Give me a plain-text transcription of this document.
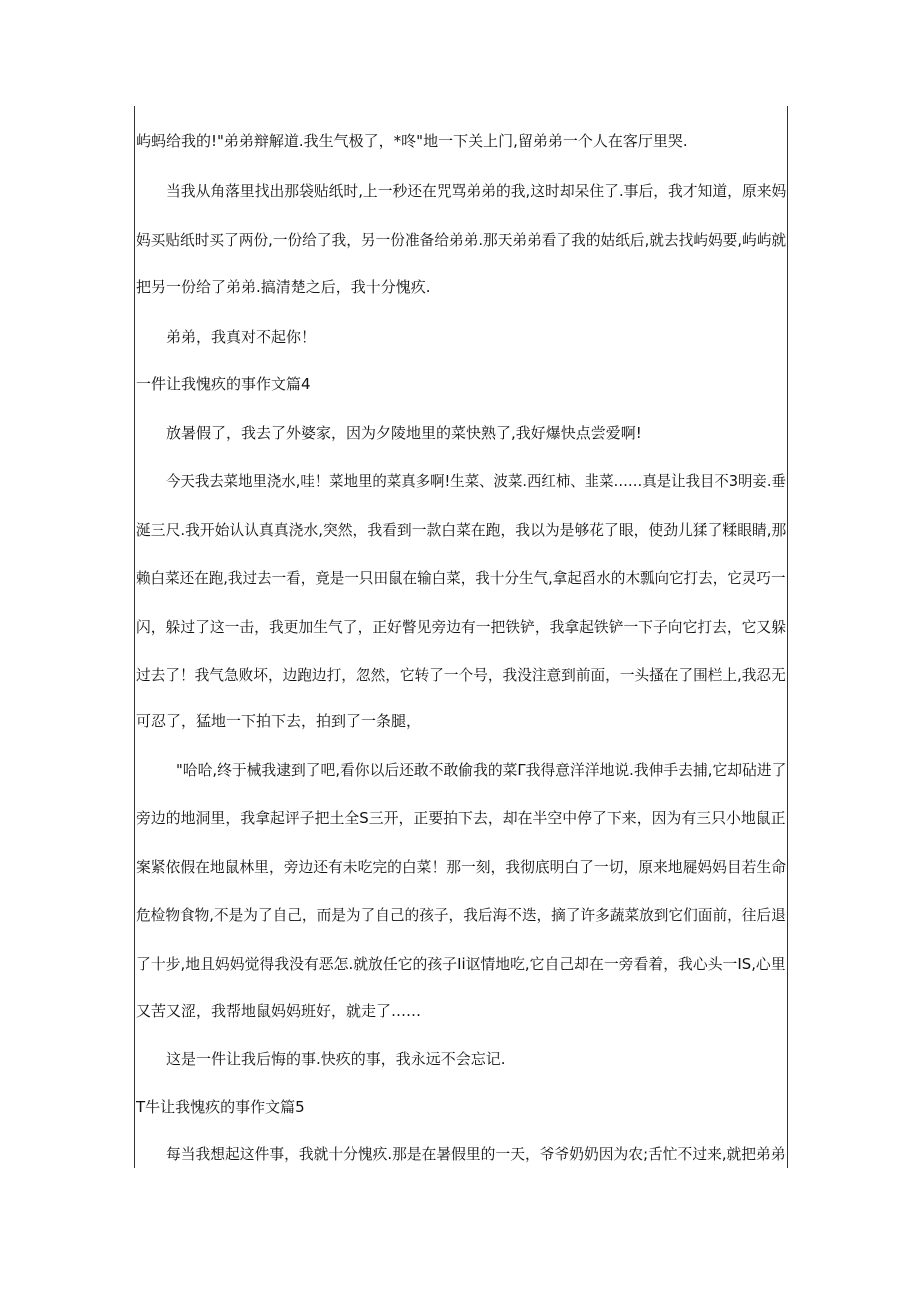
屿蚂给我的!"弟弟辩解道.我生气极了，*咚"地一下关上门,留弟弟一个人在客厅里哭.
当我从角落里找出那袋贴纸时,上一秒还在咒骂弟弟的我,这时却呆住了.事后，我才知道，原来妈
妈买贴纸时买了两份,一份给了我，另一份准备给弟弟.那天弟弟看了我的姑纸后,就去找屿妈要,屿屿就
把另一份给了弟弟.搞清楚之后，我十分愧疚.
弟弟，我真对不起你！
一件让我愧疚的事作文篇4
放暑假了，我去了外婆家，因为夕陵地里的菜快熟了,我好爆快点尝爱啊!
今天我去菜地里浇水,哇！菜地里的菜真多啊!生菜、波菜.西红柿、韭菜……真是让我目不3明妾.垂
涎三尺.我开始认认真真浇水,突然，我看到一款白菜在跑，我以为是够花了眼，使劲儿猱了糅眼睛,那
赖白菜还在跑,我过去一看，竟是一只田鼠在输白菜，我十分生气,拿起舀水的木瓢向它打去，它灵巧一
闪，躲过了这一击，我更加生气了，正好瞥见旁边有一把铁铲，我拿起铁铲一下子向它打去，它又躲
过去了！我气急败坏，边跑边打，忽然，它转了一个号，我没注意到前面，一头搔在了围栏上,我忍无
可忍了，猛地一下拍下去，拍到了一条腿，
"哈哈,终于械我逮到了吧,看你以后还敢不敢偷我的菜Γ我得意洋洋地说.我伸手去捕,它却砧进了
旁边的地洞里，我拿起评子把土全S三开，正要拍下去，却在半空中停了下来，因为有三只小地鼠正
案紧依假在地鼠林里，旁边还有未吃完的白菜！那一刻，我彻底明白了一切，原来地屣妈妈目若生命
危检物食物,不是为了自己，而是为了自己的孩子，我后海不迭，摘了许多蔬菜放到它们面前，往后退
了十步,地且妈妈觉得我没有恶怎.就放任它的孩子Ii讴情地吃,它自己却在一旁看着，我心头一IS,心里
又苦又涩，我帮地鼠妈妈班好，就走了……
这是一件让我后悔的事.快疚的事，我永远不会忘记.
T牛让我愧疚的事作文篇5
每当我想起这件事，我就十分愧疚.那是在暑假里的一天，爷爷奶奶因为农;舌忙不过来,就把弟弟
